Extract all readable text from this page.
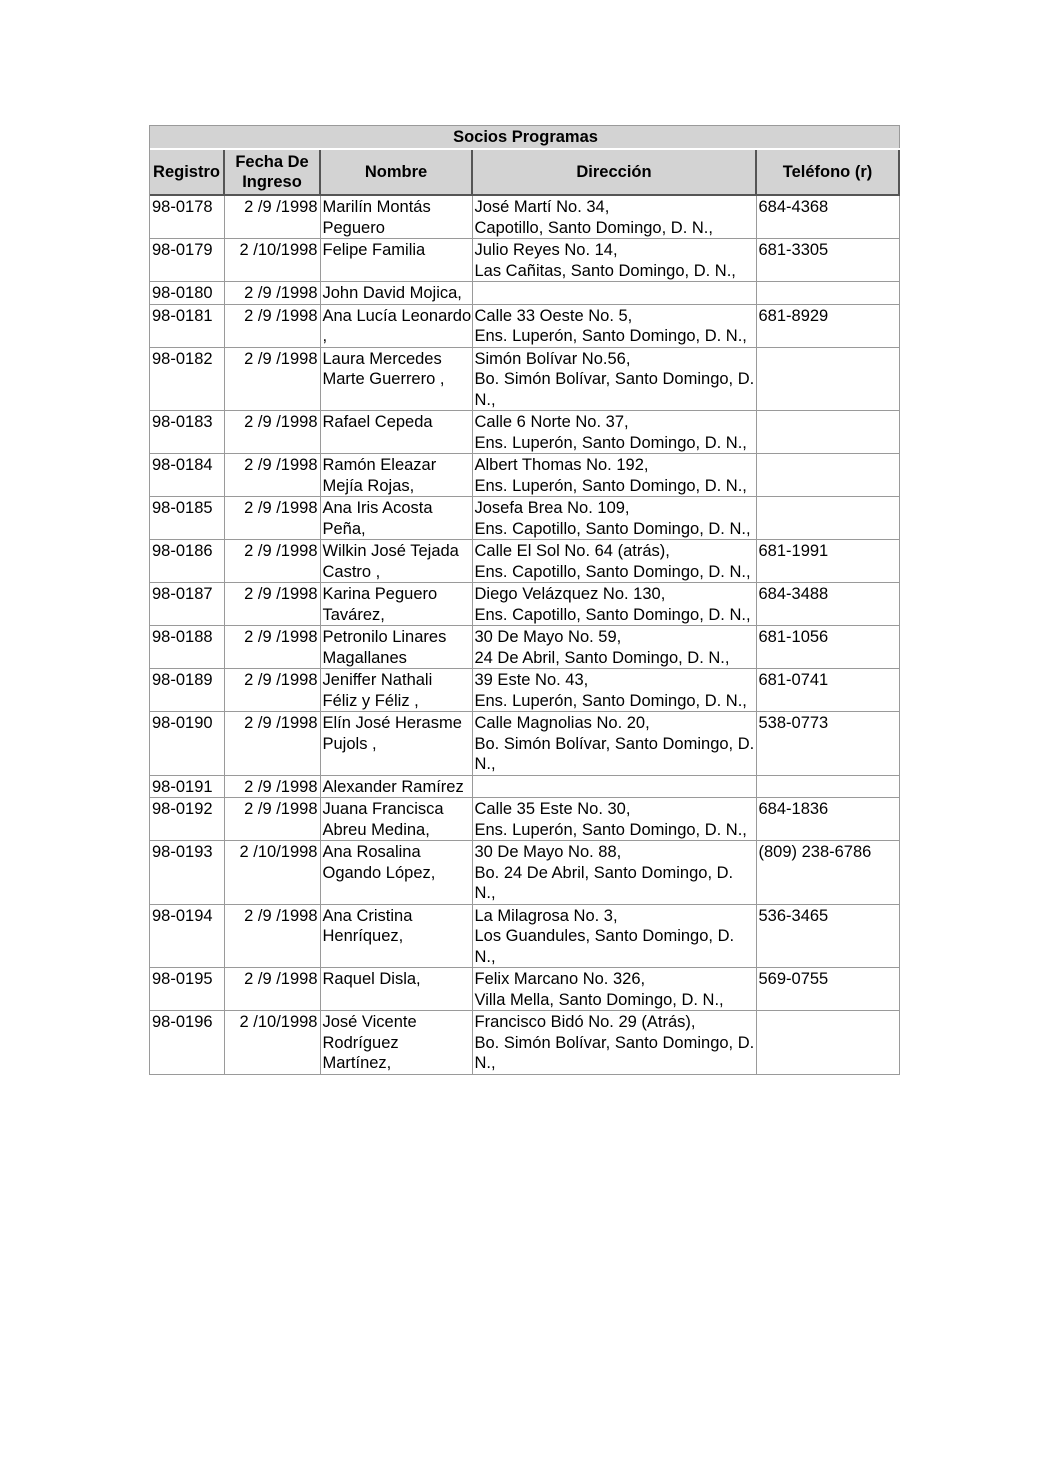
Socios Programas				
Registro	Fecha De Ingreso	Nombre	Dirección	Teléfono (r)
98-0178	2 /9 /1998	Marilín Montás Peguero	José Martí No. 34,
Capotillo, Santo Domingo, D. N.,	684-4368
98-0179	2 /10/1998	Felipe Familia	Julio Reyes No. 14,
Las Cañitas, Santo Domingo, D. N.,	681-3305
98-0180	2 /9 /1998	John David Mojica,		
98-0181	2 /9 /1998	Ana Lucía Leonardo ,	Calle 33 Oeste No. 5,
Ens. Luperón, Santo Domingo, D. N.,	681-8929
98-0182	2 /9 /1998	Laura Mercedes Marte Guerrero ,	Simón Bolívar No.56,
Bo. Simón Bolívar, Santo Domingo, D. N.,	
98-0183	2 /9 /1998	Rafael Cepeda	Calle 6 Norte No. 37,
Ens. Luperón, Santo Domingo, D. N.,	
98-0184	2 /9 /1998	Ramón Eleazar Mejía Rojas,	Albert Thomas No. 192,
Ens. Luperón, Santo Domingo, D. N.,	
98-0185	2 /9 /1998	Ana Iris Acosta Peña,	Josefa Brea No. 109,
Ens. Capotillo, Santo Domingo, D. N.,	
98-0186	2 /9 /1998	Wilkin José Tejada Castro ,	Calle El Sol No. 64 (atrás),
Ens. Capotillo, Santo Domingo, D. N.,	681-1991
98-0187	2 /9 /1998	Karina Peguero Tavárez,	Diego Velázquez No. 130,
Ens. Capotillo, Santo Domingo, D. N.,	684-3488
98-0188	2 /9 /1998	Petronilo Linares Magallanes	30 De Mayo No. 59,
24 De Abril, Santo Domingo, D. N.,	681-1056
98-0189	2 /9 /1998	Jeniffer Nathali Féliz y Féliz ,	39 Este No. 43,
Ens. Luperón, Santo Domingo, D. N.,	681-0741
98-0190	2 /9 /1998	Elín José Herasme Pujols ,	Calle Magnolias No. 20,
Bo. Simón Bolívar, Santo Domingo, D. N.,	538-0773
98-0191	2 /9 /1998	Alexander Ramírez		
98-0192	2 /9 /1998	Juana Francisca Abreu Medina,	Calle 35 Este No. 30,
Ens. Luperón, Santo Domingo, D. N.,	684-1836
98-0193	2 /10/1998	Ana Rosalina Ogando López,	30 De Mayo No. 88,
Bo. 24 De Abril, Santo Domingo, D. N.,	(809) 238-6786
98-0194	2 /9 /1998	Ana Cristina Henríquez,	La Milagrosa No. 3,
Los Guandules, Santo Domingo, D. N.,	536-3465
98-0195	2 /9 /1998	Raquel Disla,	Felix Marcano No. 326,
Villa Mella, Santo Domingo, D. N.,	569-0755
98-0196	2 /10/1998	José Vicente Rodríguez Martínez,	Francisco Bidó No. 29 (Atrás),
Bo. Simón Bolívar, Santo Domingo, D. N.,	
